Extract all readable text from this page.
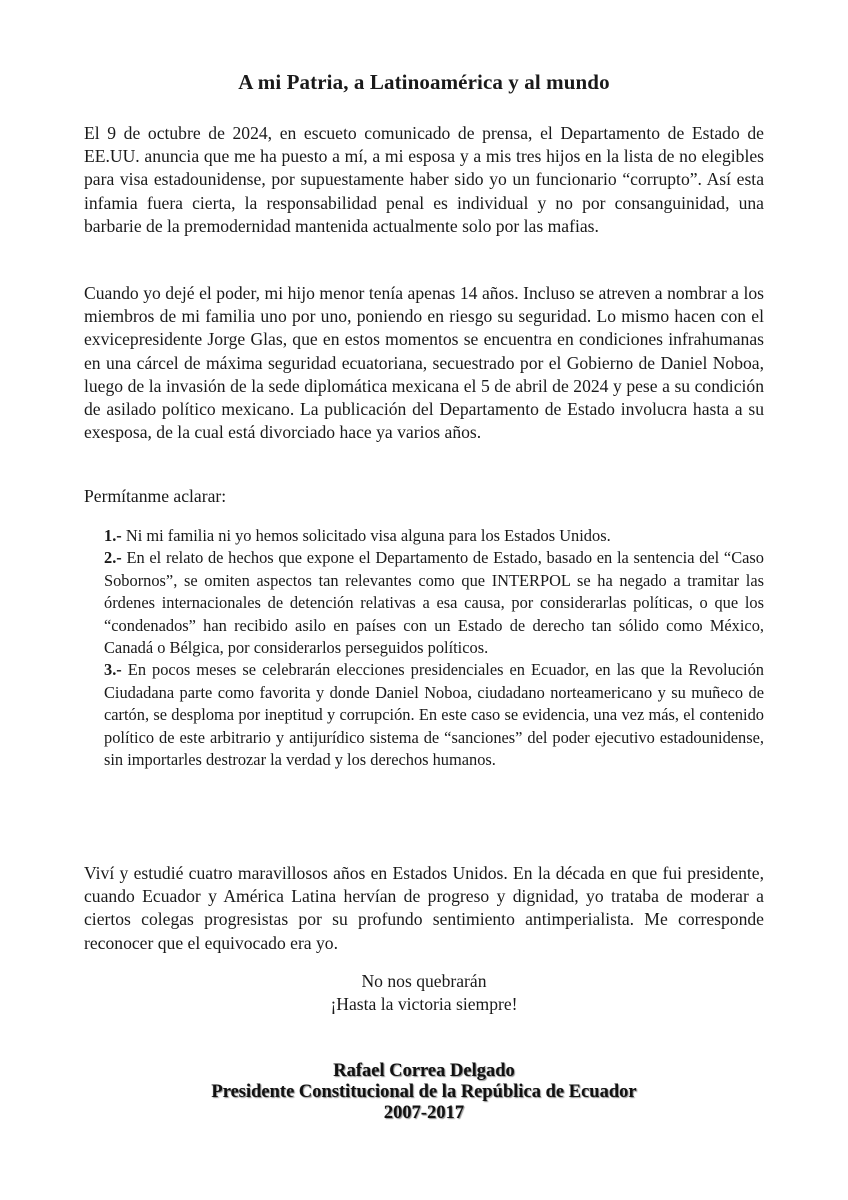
A mi Patria, a Latinoamérica y al mundo

El 9 de octubre de 2024, en escueto comunicado de prensa, el Departamento de Estado de EE.UU. anuncia que me ha puesto a mí, a mi esposa y a mis tres hijos en la lista de no elegibles para visa estadounidense, por supuestamente haber sido yo un funcionario “corrupto”. Así esta infamia fuera cierta, la responsabilidad penal es individual y no por consanguinidad, una barbarie de la premodernidad mantenida actualmente solo por las mafias.

Cuando yo dejé el poder, mi hijo menor tenía apenas 14 años. Incluso se atreven a nombrar a los miembros de mi familia uno por uno, poniendo en riesgo su seguridad. Lo mismo hacen con el exvicepresidente Jorge Glas, que en estos momentos se encuentra en condiciones infrahumanas en una cárcel de máxima seguridad ecuatoriana, secuestrado por el Gobierno de Daniel Noboa, luego de la invasión de la sede diplomática mexicana el 5 de abril de 2024 y pese a su condición de asilado político mexicano. La publicación del Departamento de Estado involucra hasta a su exesposa, de la cual está divorciado hace ya varios años.

Permítanme aclarar:

1.- Ni mi familia ni yo hemos solicitado visa alguna para los Estados Unidos.

2.- En el relato de hechos que expone el Departamento de Estado, basado en la sentencia del “Caso Sobornos”, se omiten aspectos tan relevantes como que INTERPOL se ha negado a tramitar las órdenes internacionales de detención relativas a esa causa, por considerarlas políticas, o que los “condenados” han recibido asilo en países con un Estado de derecho tan sólido como México, Canadá o Bélgica, por considerarlos perseguidos políticos.

3.- En pocos meses se celebrarán elecciones presidenciales en Ecuador, en las que la Revolución Ciudadana parte como favorita y donde Daniel Noboa, ciudadano norteamericano y su muñeco de cartón, se desploma por ineptitud y corrupción. En este caso se evidencia, una vez más, el contenido político de este arbitrario y antijurídico sistema de “sanciones” del poder ejecutivo estadounidense, sin importarles destrozar la verdad y los derechos humanos.

Viví y estudié cuatro maravillosos años en Estados Unidos. En la década en que fui presidente, cuando Ecuador y América Latina hervían de progreso y dignidad, yo trataba de moderar a ciertos colegas progresistas por su profundo sentimiento antimperialista. Me corresponde reconocer que el equivocado era yo.

No nos quebrarán
¡Hasta la victoria siempre!
Rafael Correa Delgado
Presidente Constitucional de la República de Ecuador
2007-2017
